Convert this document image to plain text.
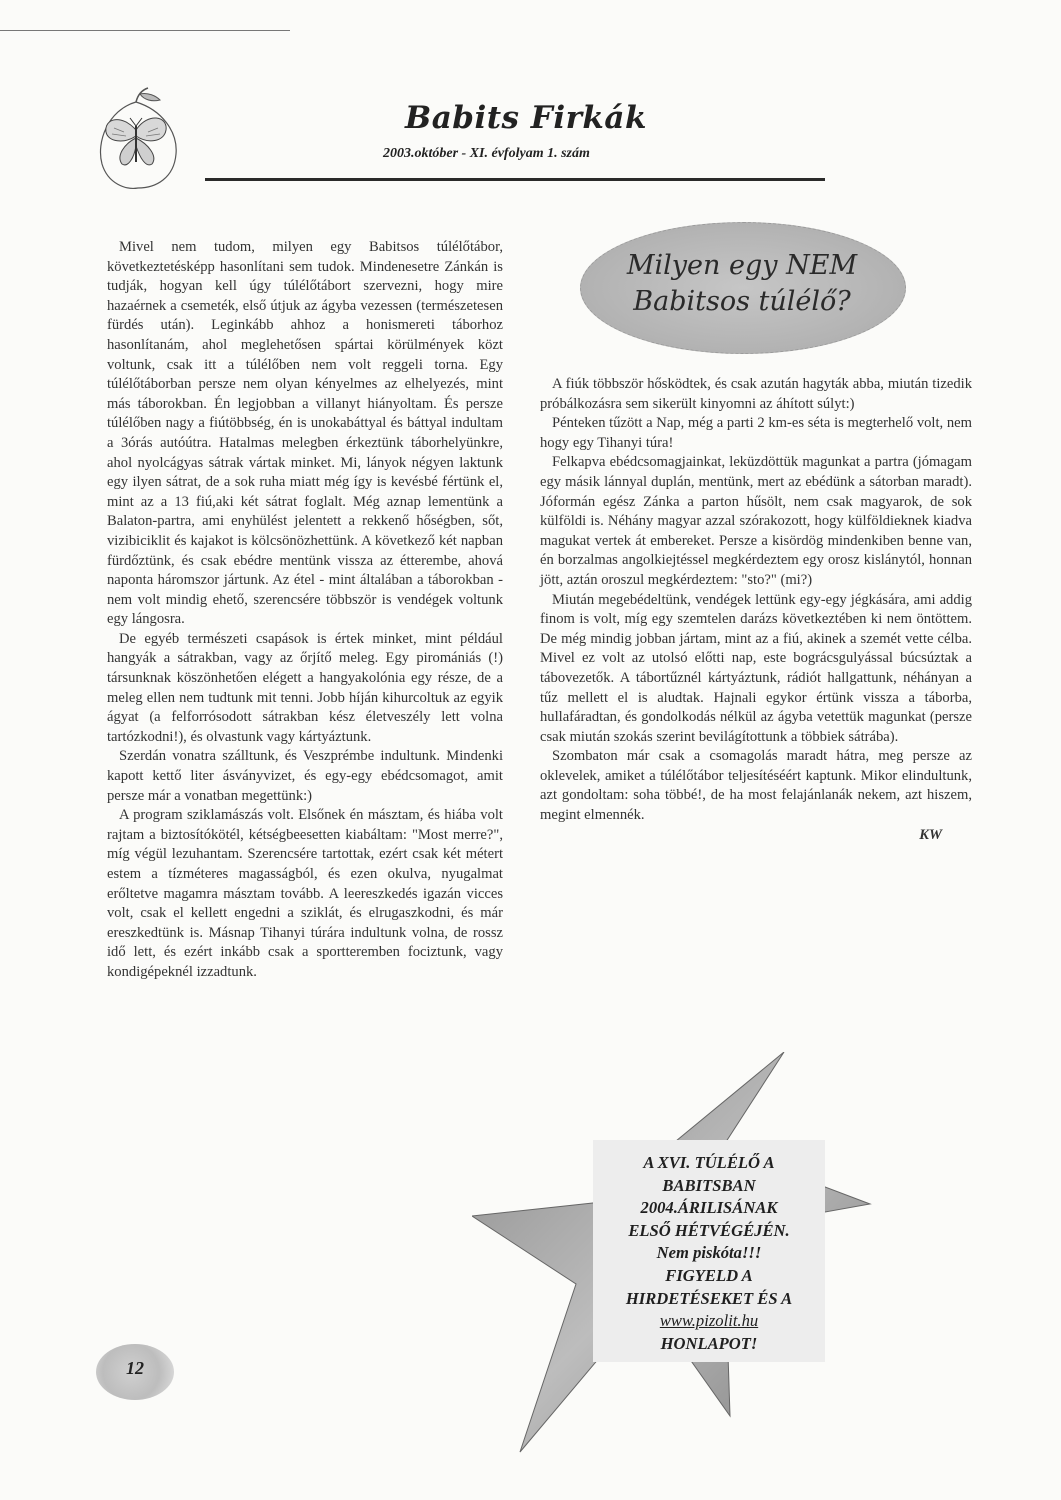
Babits Firkák
2003.október - XI. évfolyam 1. szám

Mivel nem tudom, milyen egy Babitsos túlélőtábor, következtetésképp hasonlítani sem tudok. Mindenesetre Zánkán is tudják, hogyan kell úgy túlélőtábort szervezni, hogy mire hazaérnek a csemeték, első útjuk az ágyba vezessen (természetesen fürdés után). Leginkább ahhoz a honismereti táborhoz hasonlítanám, ahol meglehetősen spártai körülmények közt voltunk, csak itt a túlélőben nem volt reggeli torna. Egy túlélőtáborban persze nem olyan kényelmes az elhelyezés, mint más táborokban. Én legjobban a villanyt hiányoltam. És persze túlélőben nagy a fiútöbbség, én is unokabáttyal és báttyal indultam a 3órás autóútra. Hatalmas melegben érkeztünk táborhelyünkre, ahol nyolcágyas sátrak vártak minket. Mi, lányok négyen laktunk egy ilyen sátrat, de a sok ruha miatt még így is kevésbé fértünk el, mint az a 13 fiú,aki két sátrat foglalt. Még aznap lementünk a Balaton-partra, ami enyhülést jelentett a rekkenő hőségben, sőt, vizibiciklit és kajakot is kölcsönözhettünk. A következő két napban fürdőztünk, és csak ebédre mentünk vissza az étterembe, ahová naponta háromszor jártunk. Az étel - mint általában a táborokban - nem volt mindig ehető, szerencsére többször is vendégek voltunk egy lángosra.

De egyéb természeti csapások is értek minket, mint például hangyák a sátrakban, vagy az őrjítő meleg. Egy piromániás (!) társunknak köszönhetően elégett a hangyakolónia egy része, de a meleg ellen nem tudtunk mit tenni. Jobb híján kihurcoltuk az egyik ágyat (a felforrósodott sátrakban kész életveszély lett volna tartózkodni!), és olvastunk vagy kártyáztunk.

Szerdán vonatra szálltunk, és Veszprémbe indultunk. Mindenki kapott kettő liter ásványvizet, és egy-egy ebédcsomagot, amit persze már a vonatban megettünk:)

A program sziklamászás volt. Elsőnek én másztam, és hiába volt rajtam a biztosítókötél, kétségbeesetten kiabáltam: "Most merre?", míg végül lezuhantam. Szerencsére tartottak, ezért csak két métert estem a tízméteres magasságból, és ezen okulva, nyugalmat erőltetve magamra másztam tovább. A leereszkedés igazán vicces volt, csak el kellett engedni a sziklát, és elrugaszkodni, és már ereszkedtünk is. Másnap Tihanyi túrára indultunk volna, de rossz idő lett, és ezért inkább csak a sportteremben fociztunk, vagy kondigépeknél izzadtunk.

Milyen egy NEM
Babitsos túlélő?

A fiúk többször hősködtek, és csak azután hagyták abba, miután tizedik próbálkozásra sem sikerült kinyomni az áhított súlyt:)

Pénteken tűzött a Nap, még a parti 2 km-es séta is megterhelő volt, nem hogy egy Tihanyi túra!

Felkapva ebédcsomagjainkat, leküzdöttük magunkat a partra (jómagam egy másik lánnyal duplán, mentünk, mert az ebédünk a sátorban maradt). Jóformán egész Zánka a parton hűsölt, nem csak magyarok, de sok külföldi is. Néhány magyar azzal szórakozott, hogy külföldieknek kiadva magukat vertek át embereket. Persze a kisördög mindenkiben benne van, én borzalmas angolkiejtéssel megkérdeztem egy orosz kislánytól, honnan jött, aztán oroszul megkérdeztem: "sto?" (mi?)

Miután megebédeltünk, vendégek lettünk egy-egy jégkására, ami addig finom is volt, míg egy szemtelen darázs következtében ki nem öntöttem. De még mindig jobban jártam, mint az a fiú, akinek a szemét vette célba. Mivel ez volt az utolsó előtti nap, este bográcsgulyással búcsúztak a tábovezetők. A tábortűznél kártyáztunk, rádiót hallgattunk, néhányan a tűz mellett el is aludtak. Hajnali egykor értünk vissza a táborba, hullafáradtan, és gondolkodás nélkül az ágyba vetettük magunkat (persze csak miután szokás szerint bevilágítottunk a többiek sátrába).

Szombaton már csak a csomagolás maradt hátra, meg persze az oklevelek, amiket a túlélőtábor teljesítéséért kaptunk. Mikor elindultunk, azt gondoltam: soha többé!, de ha most felajánlanák nekem, azt hiszem, megint elmennék.

KW
A XVI. TÚLÉLŐ A
BABITSBAN
2004.ÁRILISÁNAK
ELSŐ HÉTVÉGÉJÉN.
Nem piskóta!!!
FIGYELD A
HIRDETÉSEKET ÉS A
www.pizolit.hu
HONLAPOT!
12
